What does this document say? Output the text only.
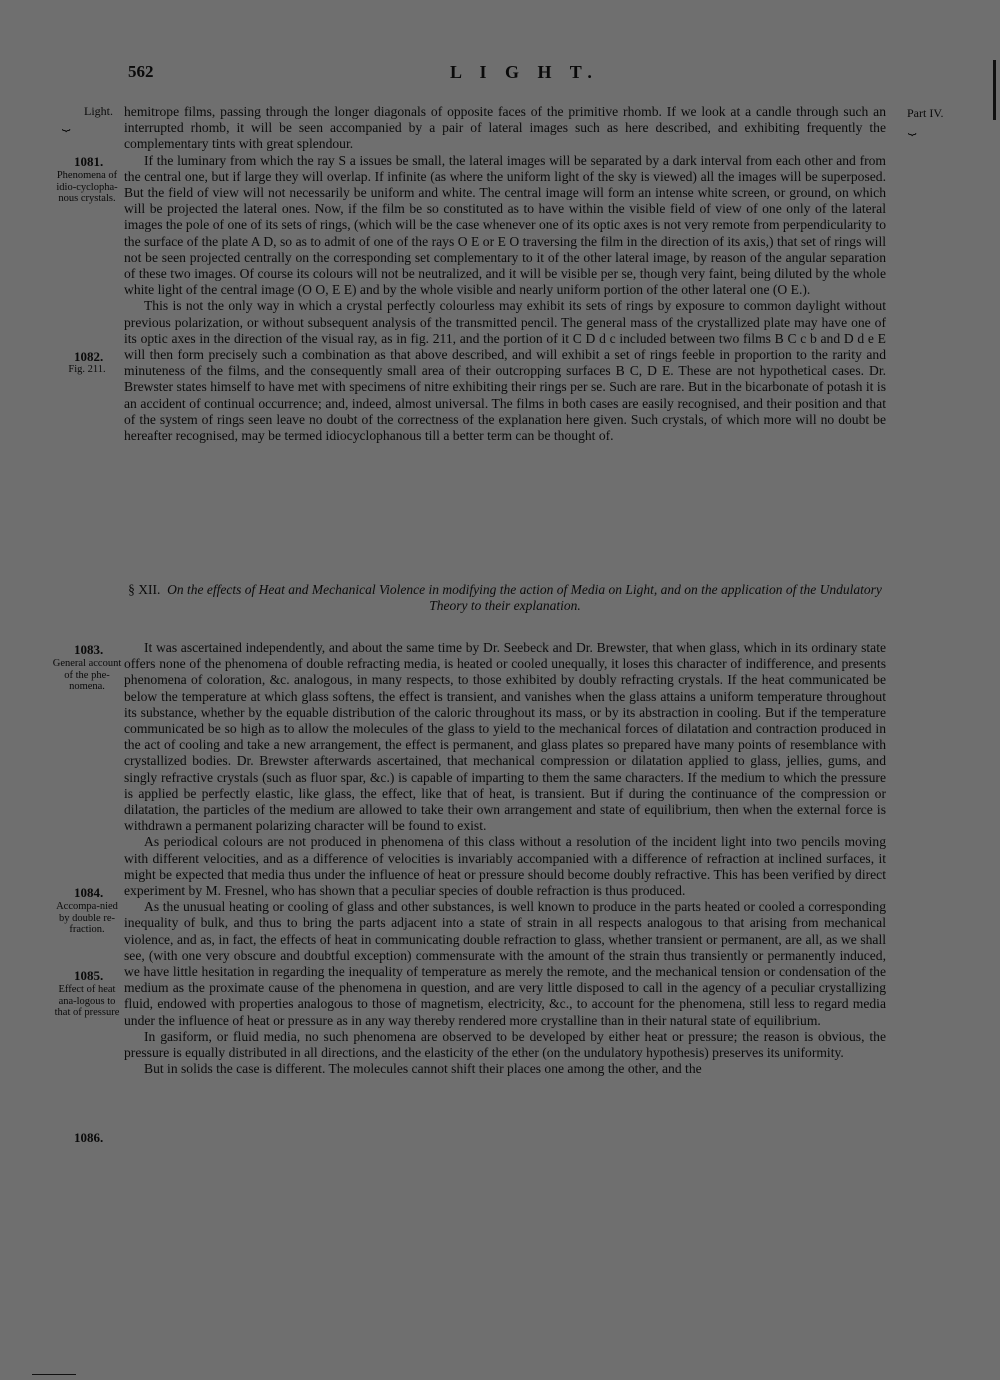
562	L I G H T.
Light.	Part IV.
⏟	⏟

hemitrope films, passing through the longer diagonals of opposite faces of the primitive rhomb. If we look at a candle through such an interrupted rhomb, it will be seen accompanied by a pair of lateral images such as here described, and exhibiting frequently the complementary tints with great splendour.

If the luminary from which the ray S a issues be small, the lateral images will be separated by a dark interval from each other and from the central one, but if large they will overlap. If infinite (as where the uniform light of the sky is viewed) all the images will be superposed. But the field of view will not necessarily be uniform and white. The central image will form an intense white screen, or ground, on which will be projected the lateral ones. Now, if the film be so constituted as to have within the visible field of view of one only of the lateral images the pole of one of its sets of rings, (which will be the case whenever one of its optic axes is not very remote from perpendicularity to the surface of the plate A D, so as to admit of one of the rays O E or E O traversing the film in the direction of its axis,) that set of rings will not be seen projected centrally on the corresponding set complementary to it of the other lateral image, by reason of the angular separation of these two images. Of course its colours will not be neutralized, and it will be visible per se, though very faint, being diluted by the whole white light of the central image (O O, E E) and by the whole visible and nearly uniform portion of the other lateral one (O E.).

This is not the only way in which a crystal perfectly colourless may exhibit its sets of rings by exposure to common daylight without previous polarization, or without subsequent analysis of the transmitted pencil. The general mass of the crystallized plate may have one of its optic axes in the direction of the visual ray, as in fig. 211, and the portion of it C D d c included between two films B C c b and D d e E will then form precisely such a combination as that above described, and will exhibit a set of rings feeble in proportion to the rarity and minuteness of the films, and the consequently small area of their outcropping surfaces B C, D E. These are not hypothetical cases. Dr. Brewster states himself to have met with specimens of nitre exhibiting their rings per se. Such are rare. But in the bicarbonate of potash it is an accident of continual occurrence; and, indeed, almost universal. The films in both cases are easily recognised, and their position and that of the system of rings seen leave no doubt of the correctness of the explanation here given. Such crystals, of which more will no doubt be hereafter recognised, may be termed idiocyclophanous till a better term can be thought of.

1081.
Phenomena of idio-cyclopha-nous crystals.
1082.
Fig. 211.
§ XII. On the effects of Heat and Mechanical Violence in modifying the action of Media on Light, and on the application of the Undulatory Theory to their explanation.

It was ascertained independently, and about the same time by Dr. Seebeck and Dr. Brewster, that when glass, which in its ordinary state offers none of the phenomena of double refracting media, is heated or cooled unequally, it loses this character of indifference, and presents phenomena of coloration, &c. analogous, in many respects, to those exhibited by doubly refracting crystals. If the heat communicated be below the temperature at which glass softens, the effect is transient, and vanishes when the glass attains a uniform temperature throughout its substance, whether by the equable distribution of the caloric throughout its mass, or by its abstraction in cooling. But if the temperature communicated be so high as to allow the molecules of the glass to yield to the mechanical forces of dilatation and contraction produced in the act of cooling and take a new arrangement, the effect is permanent, and glass plates so prepared have many points of resemblance with crystallized bodies. Dr. Brewster afterwards ascertained, that mechanical compression or dilatation applied to glass, jellies, gums, and singly refractive crystals (such as fluor spar, &c.) is capable of imparting to them the same characters. If the medium to which the pressure is applied be perfectly elastic, like glass, the effect, like that of heat, is transient. But if during the continuance of the compression or dilatation, the particles of the medium are allowed to take their own arrangement and state of equilibrium, then when the external force is withdrawn a permanent polarizing character will be found to exist.

As periodical colours are not produced in phenomena of this class without a resolution of the incident light into two pencils moving with different velocities, and as a difference of velocities is invariably accompanied with a difference of refraction at inclined surfaces, it might be expected that media thus under the influence of heat or pressure should become doubly refractive. This has been verified by direct experiment by M. Fresnel, who has shown that a peculiar species of double refraction is thus produced.

As the unusual heating or cooling of glass and other substances, is well known to produce in the parts heated or cooled a corresponding inequality of bulk, and thus to bring the parts adjacent into a state of strain in all respects analogous to that arising from mechanical violence, and as, in fact, the effects of heat in communicating double refraction to glass, whether transient or permanent, are all, as we shall see, (with one very obscure and doubtful exception) commensurate with the amount of the strain thus transiently or permanently induced, we have little hesitation in regarding the inequality of temperature as merely the remote, and the mechanical tension or condensation of the medium as the proximate cause of the phenomena in question, and are very little disposed to call in the agency of a peculiar crystallizing fluid, endowed with properties analogous to those of magnetism, electricity, &c., to account for the phenomena, still less to regard media under the influence of heat or pressure as in any way thereby rendered more crystalline than in their natural state of equilibrium.

In gasiform, or fluid media, no such phenomena are observed to be developed by either heat or pressure; the reason is obvious, the pressure is equally distributed in all directions, and the elasticity of the ether (on the undulatory hypothesis) preserves its uniformity.

But in solids the case is different. The molecules cannot shift their places one among the other, and the

1083.
General account of the phe-nomena.
1084.
Accompa-nied by double re-fraction.
1085.
Effect of heat ana-logous to that of pressure
1086.
